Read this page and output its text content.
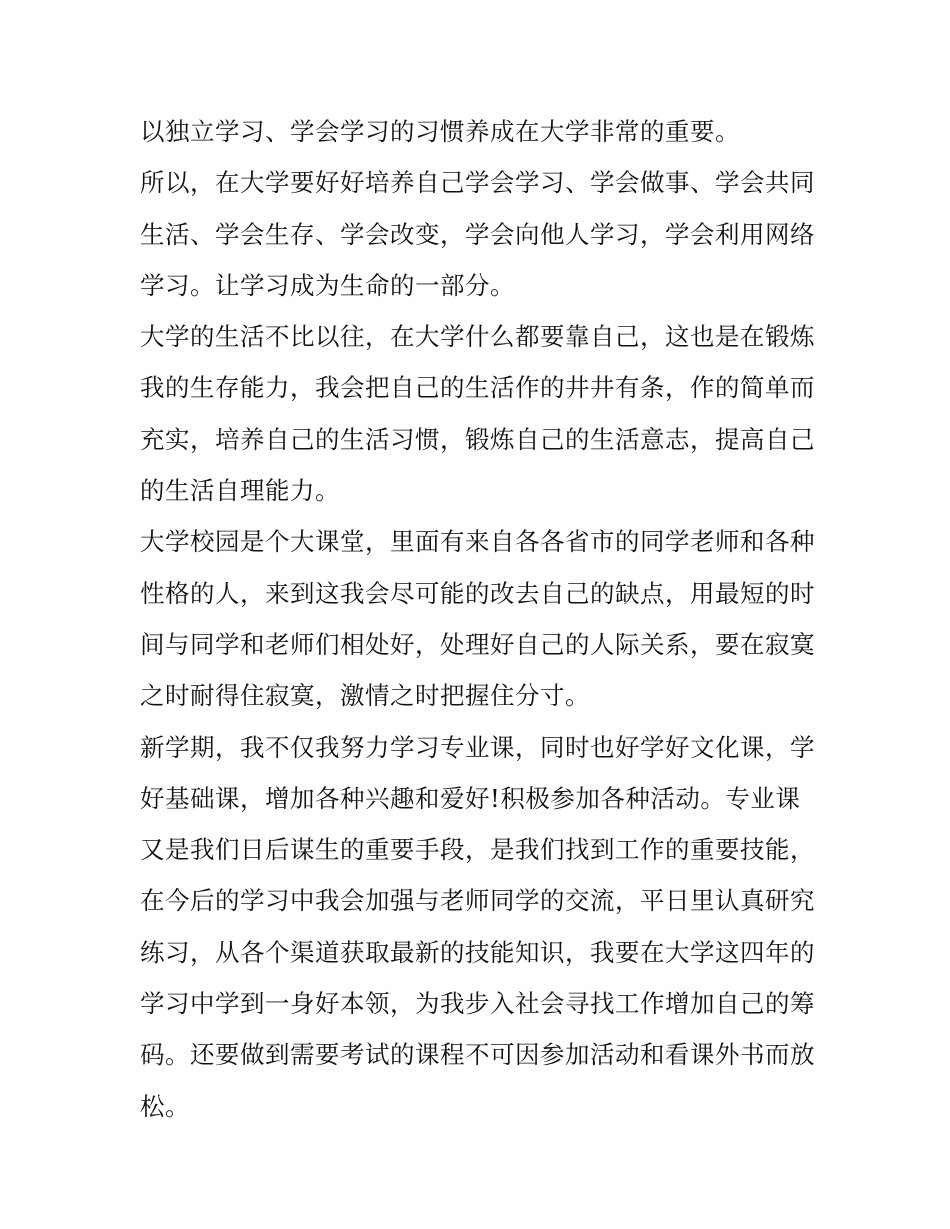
以独立学习、学会学习的习惯养成在大学非常的重要。

所以，在大学要好好培养自己学会学习、学会做事、学会共同
生活、学会生存、学会改变，学会向他人学习，学会利用网络
学习。让学习成为生命的一部分。

大学的生活不比以往，在大学什么都要靠自己，这也是在锻炼
我的生存能力，我会把自己的生活作的井井有条，作的简单而
充实，培养自己的生活习惯，锻炼自己的生活意志，提高自己
的生活自理能力。

大学校园是个大课堂，里面有来自各各省市的同学老师和各种
性格的人，来到这我会尽可能的改去自己的缺点，用最短的时
间与同学和老师们相处好，处理好自己的人际关系，要在寂寞
之时耐得住寂寞，激情之时把握住分寸。

新学期，我不仅我努力学习专业课，同时也好学好文化课，学
好基础课，增加各种兴趣和爱好!积极参加各种活动。专业课
又是我们日后谋生的重要手段，是我们找到工作的重要技能，
在今后的学习中我会加强与老师同学的交流，平日里认真研究
练习，从各个渠道获取最新的技能知识，我要在大学这四年的
学习中学到一身好本领，为我步入社会寻找工作增加自己的筹
码。还要做到需要考试的课程不可因参加活动和看课外书而放
松。
